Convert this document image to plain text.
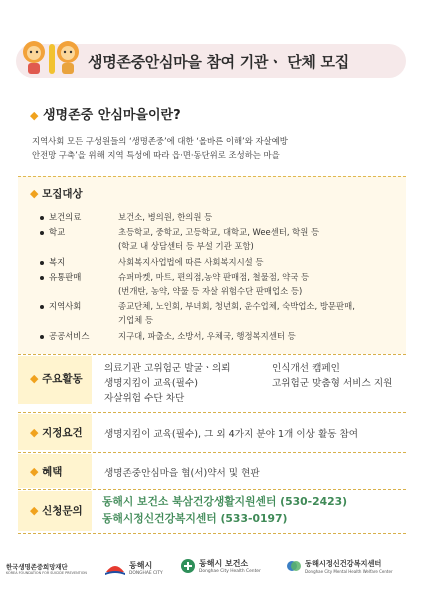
생명존중안심마을 참여 기관ㆍ 단체 모집
◆ 생명존중 안심마을이란?
지역사회 모든 구성원들의 ‘생명존중’에 대한 ‘올바른 이해’와 자살예방
안전망 구축’을 위해 지역 특성에 따라 읍·면·동단위로 조성하는 마을
◆ 모집대상
보건의료	보건소, 병의원, 한의원 등
학교	초등학교, 중학교, 고등학교, 대학교, Wee센터, 학원 등
(학교 내 상담센터 등 부설 기관 포함)
복지	사회복지사업법에 따른 사회복지시설 등
유통판매	슈퍼마켓, 마트, 편의점,농약 판매점, 철물점, 약국 등
(번개탄, 농약, 약물 등 자살 위험수단 판매업소 등)
지역사회	종교단체, 노인회, 부녀회, 청년회, 운수업체, 숙박업소, 방문판매,
기업체 등
공공서비스	지구대, 파출소, 소방서, 우체국, 행정복지센터 등
◆ 주요활동
의료기관 고위험군 발굴ㆍ의뢰
생명지킴이 교육(필수)
자살위험 수단 차단
인식개선 캠페인
고위험군 맞춤형 서비스 지원
◆ 지정요건 생명지킴이 교육(필수), 그 외 4가지 분야 1개 이상 활동 참여
◆ 혜택	생명존중안심마을 협(서)약서 및 현판
◆ 신청문의
동해시 보건소 북삼건강생활지원센터 (530-2423)
동해시정신건강복지센터 (533-0197)
한국생명존중희망재단
KOREA FOUNDATION FOR SUICIDE PREVENTION
동해시
DONGHAE CITY
동해시 보건소
Donghae City Health Center
동해시정신건강복지센터
Donghae City Mental Health Welfare Center
